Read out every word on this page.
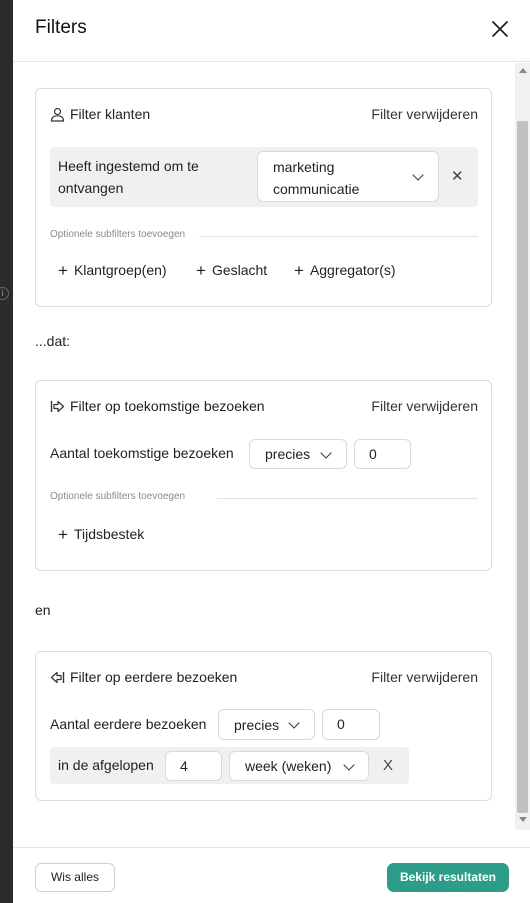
i
Filters
Filter klanten	Filter verwijderen
Heeft ingestemd om te ontvangen
marketing communicatie
✕
Optionele subfilters toevoegen
+ Klantgroep(en) + Geslacht + Aggregator(s)
...dat:
Filter op toekomstige bezoeken	Filter verwijderen
Aantal toekomstige bezoeken precies	0
Optionele subfilters toevoegen
+ Tijdsbestek
en
Filter op eerdere bezoeken	Filter verwijderen
Aantal eerdere bezoeken precies	0
in de afgelopen	4	week (weken)	X
Wis alles	Bekijk resultaten
